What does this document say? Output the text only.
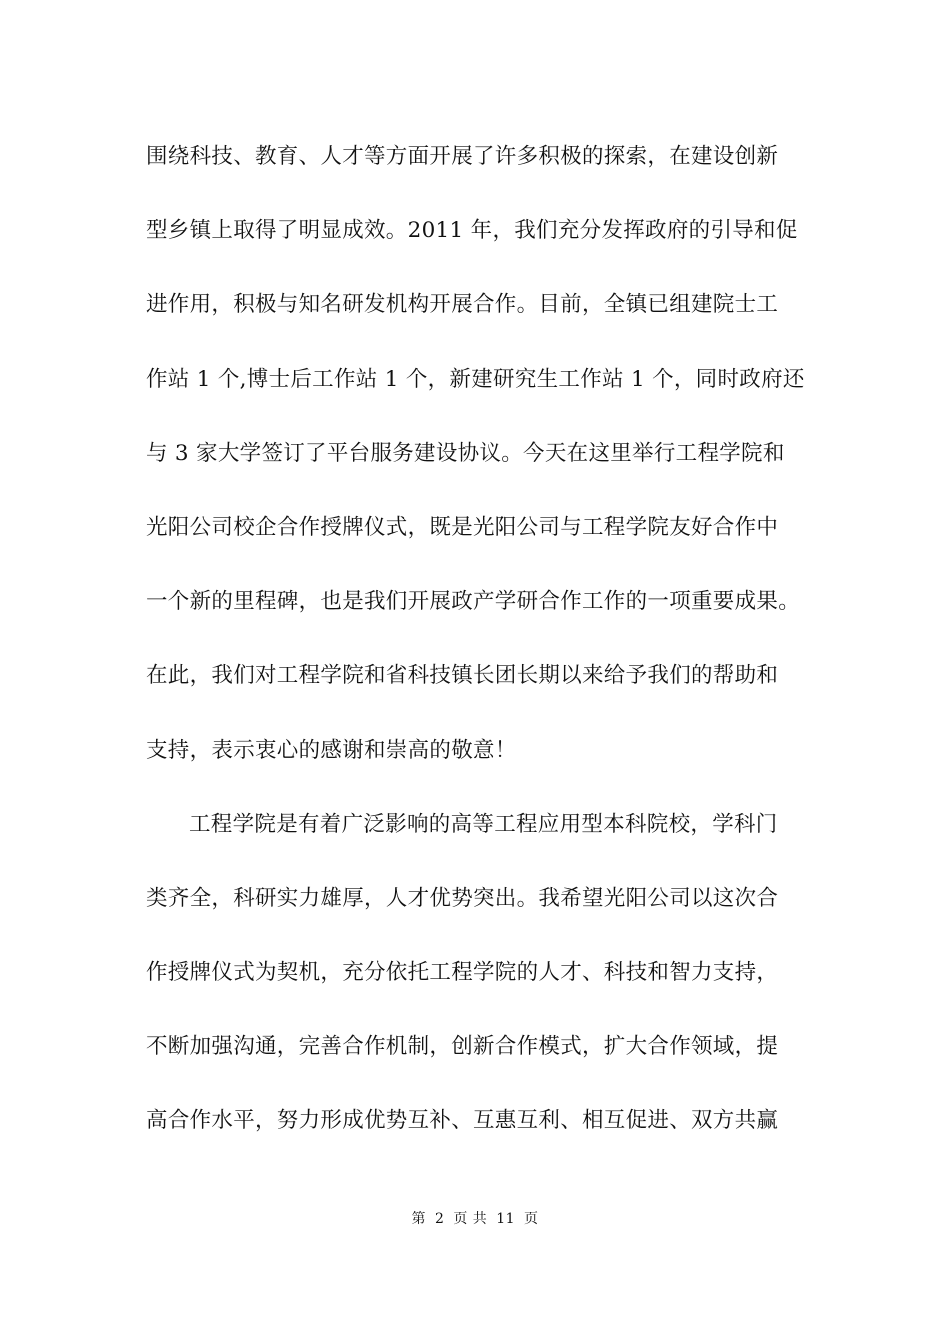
围绕科技、教育、人才等方面开展了许多积极的探索，在建设创新
型乡镇上取得了明显成效。2011 年，我们充分发挥政府的引导和促
进作用，积极与知名研发机构开展合作。目前，全镇已组建院士工
作站 1 个,博士后工作站 1 个，新建研究生工作站 1 个，同时政府还
与 3 家大学签订了平台服务建设协议。今天在这里举行工程学院和
光阳公司校企合作授牌仪式，既是光阳公司与工程学院友好合作中
一个新的里程碑，也是我们开展政产学研合作工作的一项重要成果。
在此，我们对工程学院和省科技镇长团长期以来给予我们的帮助和
支持，表示衷心的感谢和崇高的敬意！
工程学院是有着广泛影响的高等工程应用型本科院校，学科门
类齐全，科研实力雄厚，人才优势突出。我希望光阳公司以这次合
作授牌仪式为契机，充分依托工程学院的人才、科技和智力支持，
不断加强沟通，完善合作机制，创新合作模式，扩大合作领域，提
高合作水平，努力形成优势互补、互惠互利、相互促进、双方共赢
第 2 页 共 11 页
